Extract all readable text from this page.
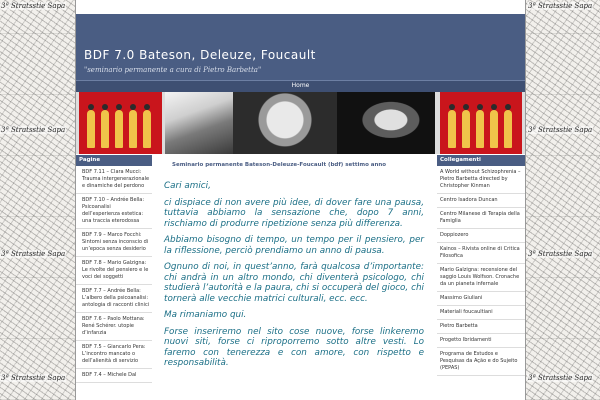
3ª Stratsstie Sapa
3ª Stratsstie Sapa
3ª Stratsstie Sapa
3ª Stratsstie Sapa
3ª Stratsstie Sapa
3ª Stratsstie Sapa
3ª Stratsstie Sapa
3ª Stratsstie Sapa
BDF 7.0 Bateson, Deleuze, Foucault
"seminario permanente a cura di Pietro Barbetta"
Home
Pagine
BDF 7.11 – Clara Mucci: Trauma intergenerazionale e dinamiche del perdono
BDF 7.10 – Andrée Bella: Psicoanalisi dell’esperienza estetica: una traccia eterodossa
BDF 7.9 – Marco Focchi: Sintomi senza inconscio di un’epoca senza desiderio
BDF 7.8 – Mario Galzigna: Le rivolte del pensiero e le voci dei soggetti
BDF 7.7 – Andrée Bella: L’albero della psicoanalisi: antologia di racconti clinici
BDF 7.6 – Paolo Mottana: René Schérer. utopie d’infanzia
BDF 7.5 – Giancarlo Pera: L’incontro mancato o dell’alienità di servizio
BDF 7.4 – Michele Dal
Seminario permanente Bateson-Deleuze-Foucault (bdf) settimo anno

Cari amici,

ci dispiace di non avere più idee, di dover fare una pausa, tuttavia abbiamo la sensazione che, dopo 7 anni, rischiamo di produrre ripetizione senza più differenza.

Abbiamo bisogno di tempo, un tempo per il pensiero, per la riflessione, perciò prendiamo un anno di pausa.

Ognuno di noi, in quest’anno, farà qualcosa d’importante: chi andrà in un altro mondo, chi diventerà psicologo, chi studierà l’autorità e la paura, chi si occuperà del gioco, chi tornerà alle vecchie matrici culturali, ecc. ecc.

Ma rimaniamo qui.

Forse inseriremo nel sito cose nuove, forse linkeremo nuovi siti, forse ci riproporremo sotto altre vesti. Lo faremo con tenerezza e con amore, con rispetto e responsabilità.

Collegamenti
A World without Schizophrenia – Pietro Barbetta directed by Christopher Kinman
Centro Isadora Duncan
Centro Milanese di Terapia della Famiglia
Doppiozero
Kainos – Rivista online di Critica Filosofica
Mario Galzigna: recensione del saggio Louis Wolfson. Cronache da un pianeta infernale
Massimo Giuliani
Materiali foucaultiani
Pietro Barbetta
Progetto Ibridamenti
Programa de Estudos e Pesquisas da Ação e do Sujeito (PEPAS)
